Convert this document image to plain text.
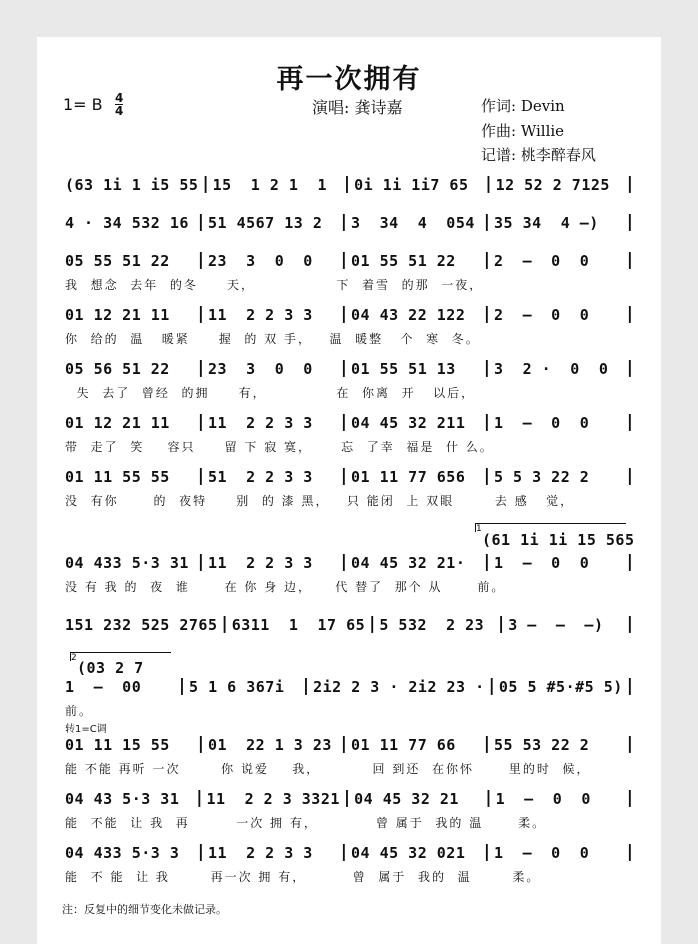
再一次拥有
1= B 4
4	演唱: 龚诗嘉	作词: Devin
作曲: Willie
记谱: 桃李醉春风
(63 1i 1 i5 55 | 15  1 2 1  1 | 0i 1i 1i7 65 | 12 52 2 7125 |
4 · 34 532 16 | 51 4567 13 2	| 3  34  4  054 | 35 34  4 –)	|
05 55 51 22	| 23  3  0  0	| 01 55 51 22	| 2  –  0  0	|
我  想念  去年  的冬     天，              下  着雪  的那  一夜，
01 12 21 11	| 11  2 2 3 3	| 04 43 22 122	| 2  –  0  0	|
你  给的  温   暖紧     握  的 双 手，   温  暖整   个  寒  冬。
05 56 51 22	| 23  3  0  0	| 01 55 51 13	| 3  2 ·  0  0	|
失  去了  曾经  的拥     有，            在  你离  开   以后，
01 12 21 11	| 11  2 2 3 3	| 04 45 32 211	| 1  –  0  0	|
带  走了  笑    容只     留 下 寂 寞，     忘  了幸  福是  什 么。
01 11 55 55	| 51  2 2 3 3	| 01 11 77 656	| 5 5 3 22 2	|
没  有你      的  夜特     别  的 漆 黑，   只 能闭  上 双眼       去 感   觉，
04 433 5·3 31 | 11  2 2 3 3	| 04 45 32 21·	| 1  –  0  0	|
没 有 我 的  夜  谁      在 你 身 边，    代 替了  那个 从      前。
151 232 525 2765 | 6311  1  17 65 | 5 532  2 23 | 3 –  –  –)	|
1  –  00	| 5 1 6 367i	| 2i2 2 3 · 2i2 23 · | 05 5 #5·#5 5) |
前。
01 11 15 55	| 01  22 1 3 23 | 01 11 77 66	| 55 53 22 2	|
能 不能 再听 一次       你 说爱    我，         回 到还  在你怀      里的时  候，
04 43 5·3 31 | 11  2 2 3 3321 | 04 45 32 21	| 1  –  0  0	|
能  不能  让 我  再        一次 拥 有，          曾 属于  我的 温      柔。
04 433 5·3 3	| 11  2 2 3 3	| 04 45 32 021	| 1  –  0  0	|
能  不 能  让 我       再一次 拥 有，        曾  属于  我的  温       柔。
1
(61 1i 1i 15 565
2
(03 2 7
转1=C调
注：反复中的细节变化未做记录。
